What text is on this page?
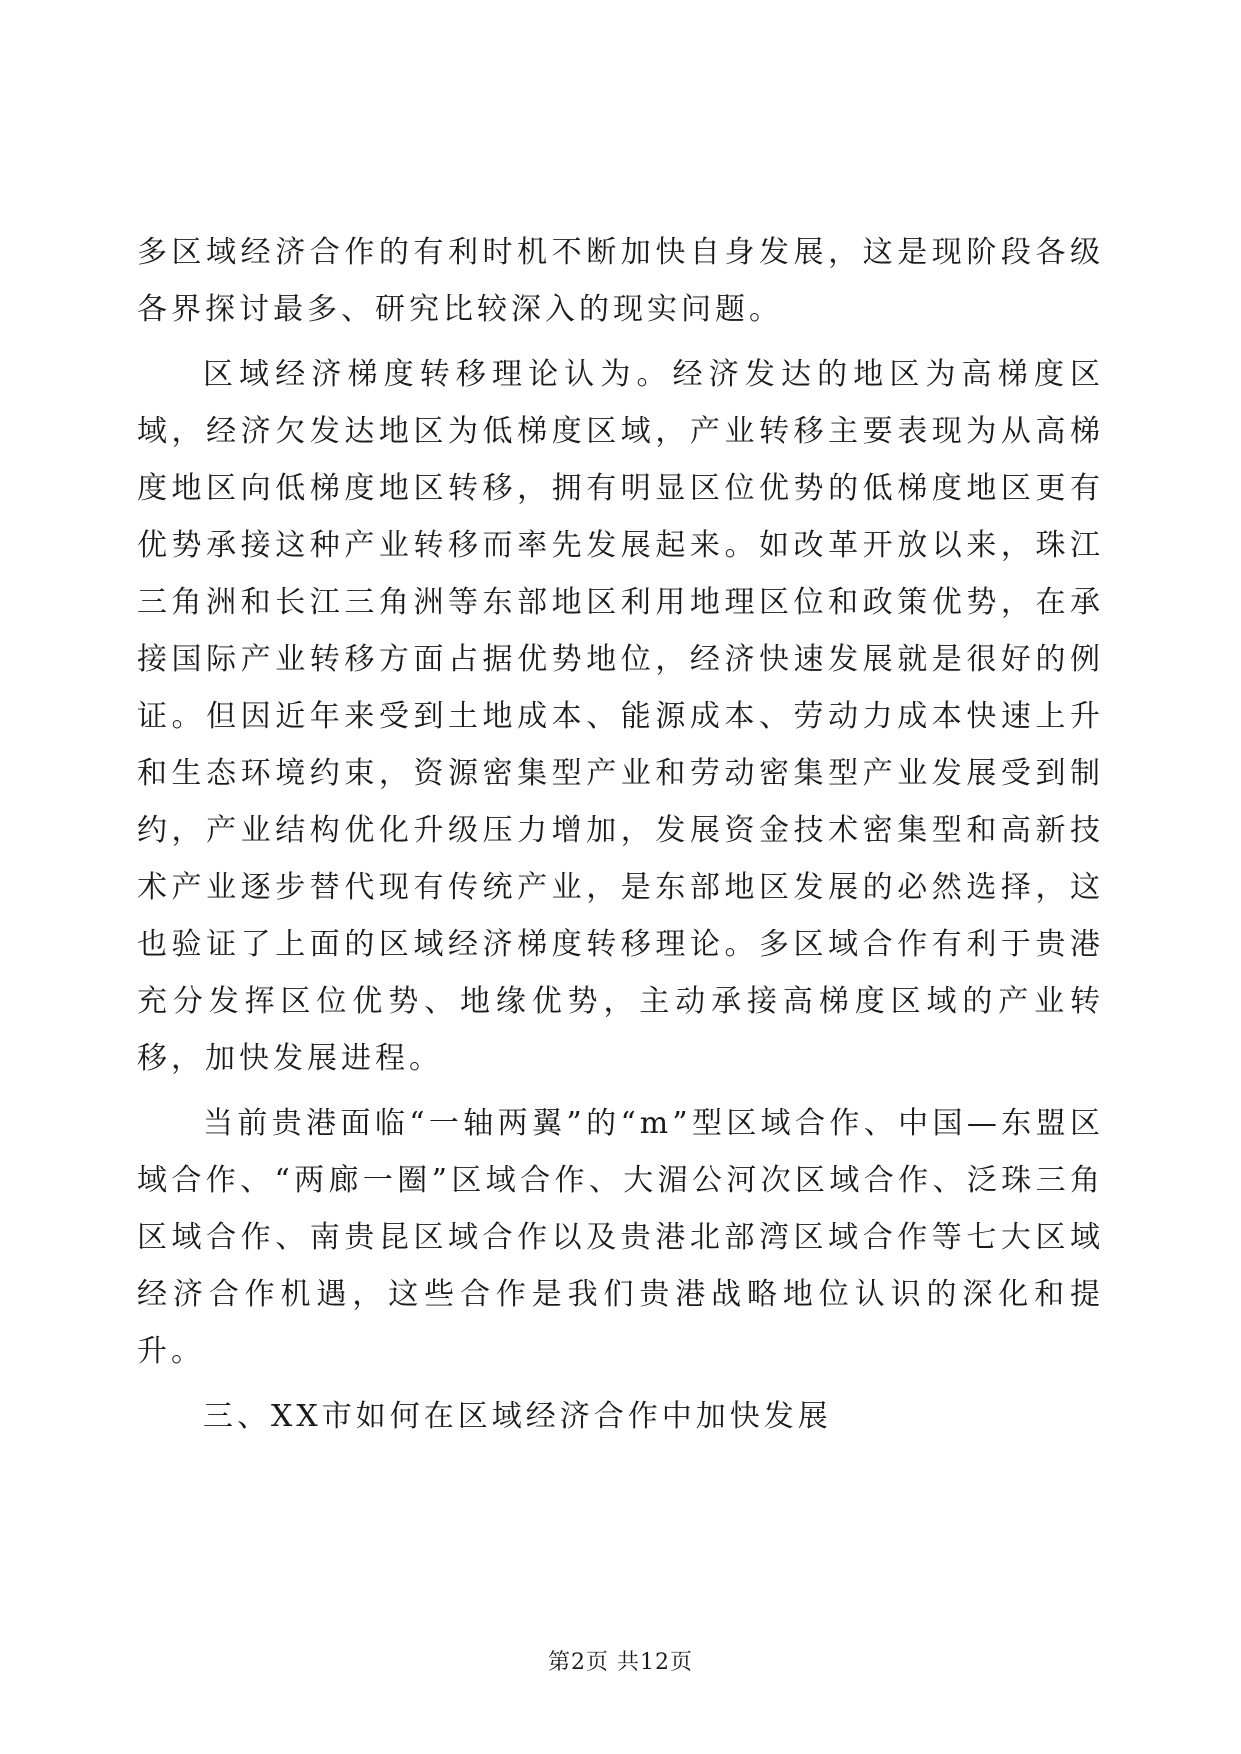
多区域经济合作的有利时机不断加快自身发展，这是现阶段各级各界探讨最多、研究比较深入的现实问题。

区域经济梯度转移理论认为。经济发达的地区为高梯度区域，经济欠发达地区为低梯度区域，产业转移主要表现为从高梯度地区向低梯度地区转移，拥有明显区位优势的低梯度地区更有优势承接这种产业转移而率先发展起来。如改革开放以来，珠江三角洲和长江三角洲等东部地区利用地理区位和政策优势，在承接国际产业转移方面占据优势地位，经济快速发展就是很好的例证。但因近年来受到土地成本、能源成本、劳动力成本快速上升和生态环境约束，资源密集型产业和劳动密集型产业发展受到制约，产业结构优化升级压力增加，发展资金技术密集型和高新技术产业逐步替代现有传统产业，是东部地区发展的必然选择，这也验证了上面的区域经济梯度转移理论。多区域合作有利于贵港充分发挥区位优势、地缘优势，主动承接高梯度区域的产业转移，加快发展进程。

当前贵港面临“一轴两翼”的“m”型区域合作、中国—东盟区域合作、“两廊一圈”区域合作、大湄公河次区域合作、泛珠三角区域合作、南贵昆区域合作以及贵港北部湾区域合作等七大区域经济合作机遇，这些合作是我们贵港战略地位认识的深化和提升。

三、XX市如何在区域经济合作中加快发展

第2页 共12页
